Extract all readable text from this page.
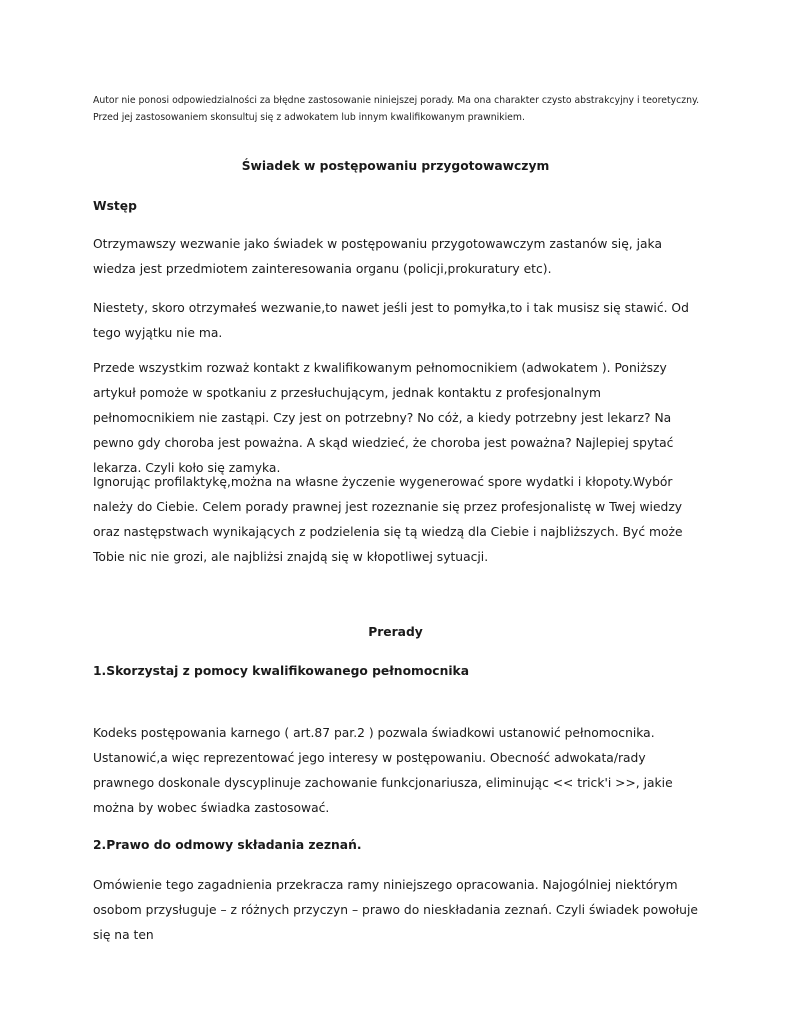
Autor nie ponosi odpowiedzialności za błędne zastosowanie niniejszej porady. Ma ona charakter czysto abstrakcyjny i teoretyczny.

Przed jej zastosowaniem skonsultuj się z adwokatem lub innym kwalifikowanym prawnikiem.

Świadek w postępowaniu przygotowawczym
Wstęp

Otrzymawszy wezwanie jako świadek w postępowaniu przygotowawczym zastanów się, jaka wiedza jest przedmiotem zainteresowania organu (policji,prokuratury etc).

Niestety, skoro otrzymałeś wezwanie,to nawet jeśli jest to pomyłka,to i tak musisz się stawić. Od tego wyjątku nie ma.

Przede wszystkim rozważ kontakt z kwalifikowanym pełnomocnikiem (adwokatem ). Poniższy artykuł pomoże w spotkaniu z przesłuchującym, jednak kontaktu z profesjonalnym pełnomocnikiem nie zastąpi. Czy jest on potrzebny? No cóż, a kiedy potrzebny jest lekarz? Na pewno gdy choroba jest poważna. A skąd wiedzieć, że choroba jest poważna? Najlepiej spytać lekarza. Czyli koło się zamyka.

Ignorując profilaktykę,można na własne życzenie wygenerować spore wydatki i kłopoty.Wybór należy do Ciebie. Celem porady prawnej jest rozeznanie się przez profesjonalistę w Twej wiedzy oraz następstwach wynikających z podzielenia się tą wiedzą dla Ciebie i najbliższych. Być może Tobie nic nie grozi, ale najbliżsi znajdą się w kłopotliwej sytuacji.

Prerady
1.Skorzystaj z pomocy kwalifikowanego pełnomocnika

Kodeks postępowania karnego ( art.87 par.2 ) pozwala świadkowi ustanowić pełnomocnika. Ustanowić,a więc reprezentować jego interesy w postępowaniu. Obecność adwokata/rady prawnego doskonale dyscyplinuje zachowanie funkcjonariusza, eliminując << trick'i >>, jakie można by wobec świadka zastosować.

2.Prawo do odmowy składania zeznań.

Omówienie tego zagadnienia przekracza ramy niniejszego opracowania. Najogólniej niektórym osobom przysługuje – z różnych przyczyn – prawo do nieskładania zeznań. Czyli świadek powołuje się na ten
